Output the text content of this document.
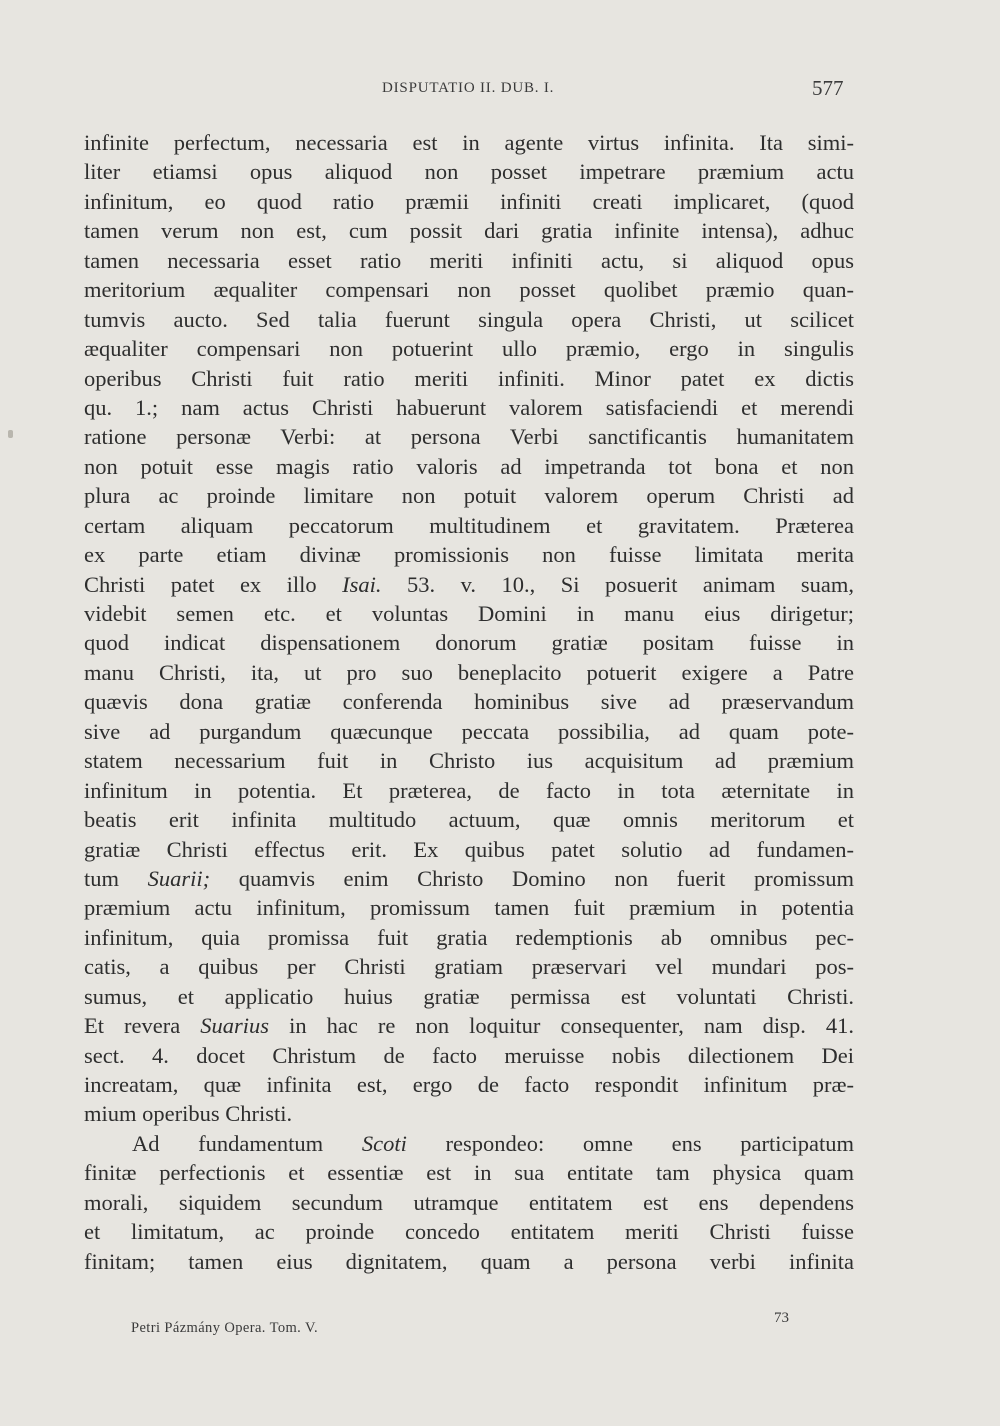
DISPUTATIO II. DUB. I.	577
infinite perfectum, necessaria est in agente virtus infinita. Ita simi-
liter etiamsi opus aliquod non posset impetrare præmium actu
infinitum, eo quod ratio præmii infiniti creati implicaret, (quod
tamen verum non est, cum possit dari gratia infinite intensa), adhuc
tamen necessaria esset ratio meriti infiniti actu, si aliquod opus
meritorium æqualiter compensari non posset quolibet præmio quan-
tumvis aucto. Sed talia fuerunt singula opera Christi, ut scilicet
æqualiter compensari non potuerint ullo præmio, ergo in singulis
operibus Christi fuit ratio meriti infiniti. Minor patet ex dictis
qu. 1.; nam actus Christi habuerunt valorem satisfaciendi et merendi
ratione personæ Verbi: at persona Verbi sanctificantis humanitatem
non potuit esse magis ratio valoris ad impetranda tot bona et non
plura ac proinde limitare non potuit valorem operum Christi ad
certam aliquam peccatorum multitudinem et gravitatem. Præterea
ex parte etiam divinæ promissionis non fuisse limitata merita
Christi patet ex illo Isai. 53. v. 10., Si posuerit animam suam,
videbit semen etc. et voluntas Domini in manu eius dirigetur;
quod indicat dispensationem donorum gratiæ positam fuisse in
manu Christi, ita, ut pro suo beneplacito potuerit exigere a Patre
quævis dona gratiæ conferenda hominibus sive ad præservandum
sive ad purgandum quæcunque peccata possibilia, ad quam pote-
statem necessarium fuit in Christo ius acquisitum ad præmium
infinitum in potentia. Et præterea, de facto in tota æternitate in
beatis erit infinita multitudo actuum, quæ omnis meritorum et
gratiæ Christi effectus erit. Ex quibus patet solutio ad fundamen-
tum Suarii; quamvis enim Christo Domino non fuerit promissum
præmium actu infinitum, promissum tamen fuit præmium in potentia
infinitum, quia promissa fuit gratia redemptionis ab omnibus pec-
catis, a quibus per Christi gratiam præservari vel mundari pos-
sumus, et applicatio huius gratiæ permissa est voluntati Christi.
Et revera Suarius in hac re non loquitur consequenter, nam disp. 41.
sect. 4. docet Christum de facto meruisse nobis dilectionem Dei
increatam, quæ infinita est, ergo de facto respondit infinitum præ-
mium operibus Christi.
Ad fundamentum Scoti respondeo: omne ens participatum
finitæ perfectionis et essentiæ est in sua entitate tam physica quam
morali, siquidem secundum utramque entitatem est ens dependens
et limitatum, ac proinde concedo entitatem meriti Christi fuisse
finitam; tamen eius dignitatem, quam a persona verbi infinita
Petri Pázmány Opera. Tom. V.
73
